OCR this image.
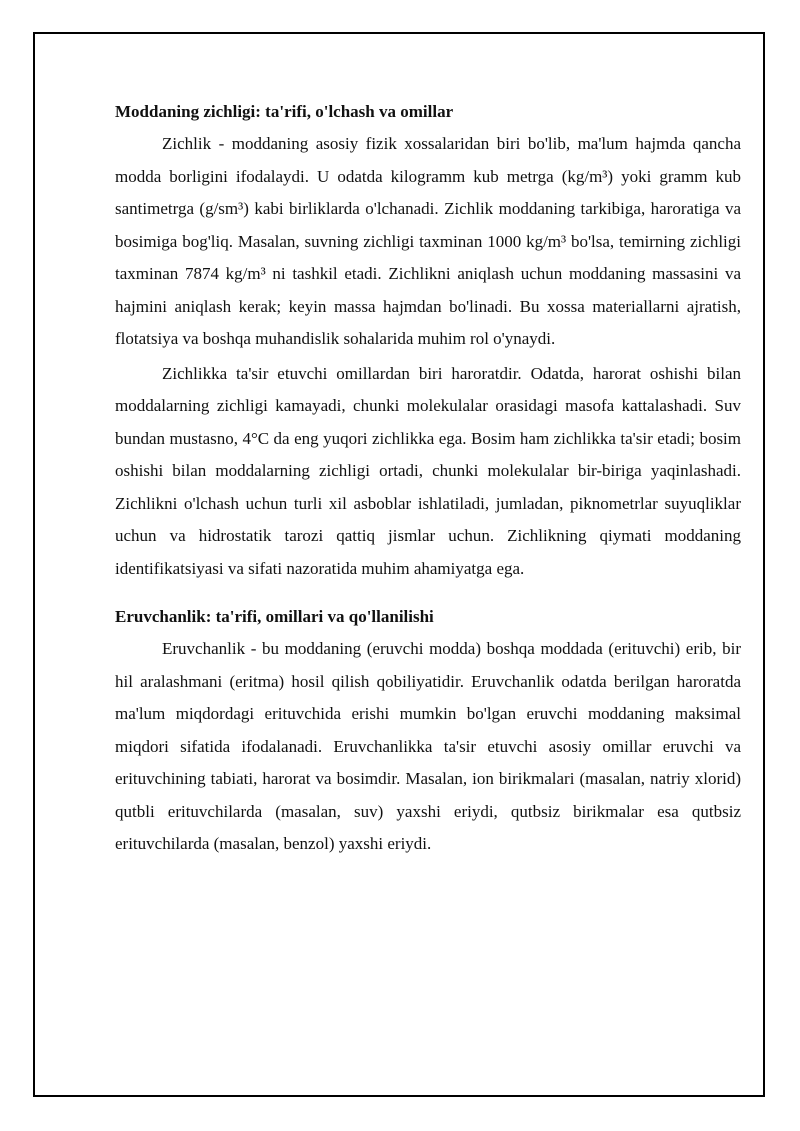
Moddaning zichligi: ta'rifi, o'lchash va omillar

Zichlik - moddaning asosiy fizik xossalaridan biri bo'lib, ma'lum hajmda qancha modda borligini ifodalaydi. U odatda kilogramm kub metrga (kg/m³) yoki gramm kub santimetrga (g/sm³) kabi birliklarda o'lchanadi. Zichlik moddaning tarkibiga, haroratiga va bosimiga bog'liq. Masalan, suvning zichligi taxminan 1000 kg/m³ bo'lsa, temirning zichligi taxminan 7874 kg/m³ ni tashkil etadi. Zichlikni aniqlash uchun moddaning massasini va hajmini aniqlash kerak; keyin massa hajmdan bo'linadi. Bu xossa materiallarni ajratish, flotatsiya va boshqa muhandislik sohalarida muhim rol o'ynaydi.

Zichlikka ta'sir etuvchi omillardan biri haroratdir. Odatda, harorat oshishi bilan moddalarning zichligi kamayadi, chunki molekulalar orasidagi masofa kattalashadi. Suv bundan mustasno, 4°C da eng yuqori zichlikka ega. Bosim ham zichlikka ta'sir etadi; bosim oshishi bilan moddalarning zichligi ortadi, chunki molekulalar bir-biriga yaqinlashadi. Zichlikni o'lchash uchun turli xil asboblar ishlatiladi, jumladan, piknometrlar suyuqliklar uchun va hidrostatik tarozi qattiq jismlar uchun. Zichlikning qiymati moddaning identifikatsiyasi va sifati nazoratida muhim ahamiyatga ega.

Eruvchanlik: ta'rifi, omillari va qo'llanilishi

Eruvchanlik - bu moddaning (eruvchi modda) boshqa moddada (erituvchi) erib, bir hil aralashmani (eritma) hosil qilish qobiliyatidir. Eruvchanlik odatda berilgan haroratda ma'lum miqdordagi erituvchida erishi mumkin bo'lgan eruvchi moddaning maksimal miqdori sifatida ifodalanadi. Eruvchanlikka ta'sir etuvchi asosiy omillar eruvchi va erituvchining tabiati, harorat va bosimdir. Masalan, ion birikmalari (masalan, natriy xlorid) qutbli erituvchilarda (masalan, suv) yaxshi eriydi, qutbsiz birikmalar esa qutbsiz erituvchilarda (masalan, benzol) yaxshi eriydi.
